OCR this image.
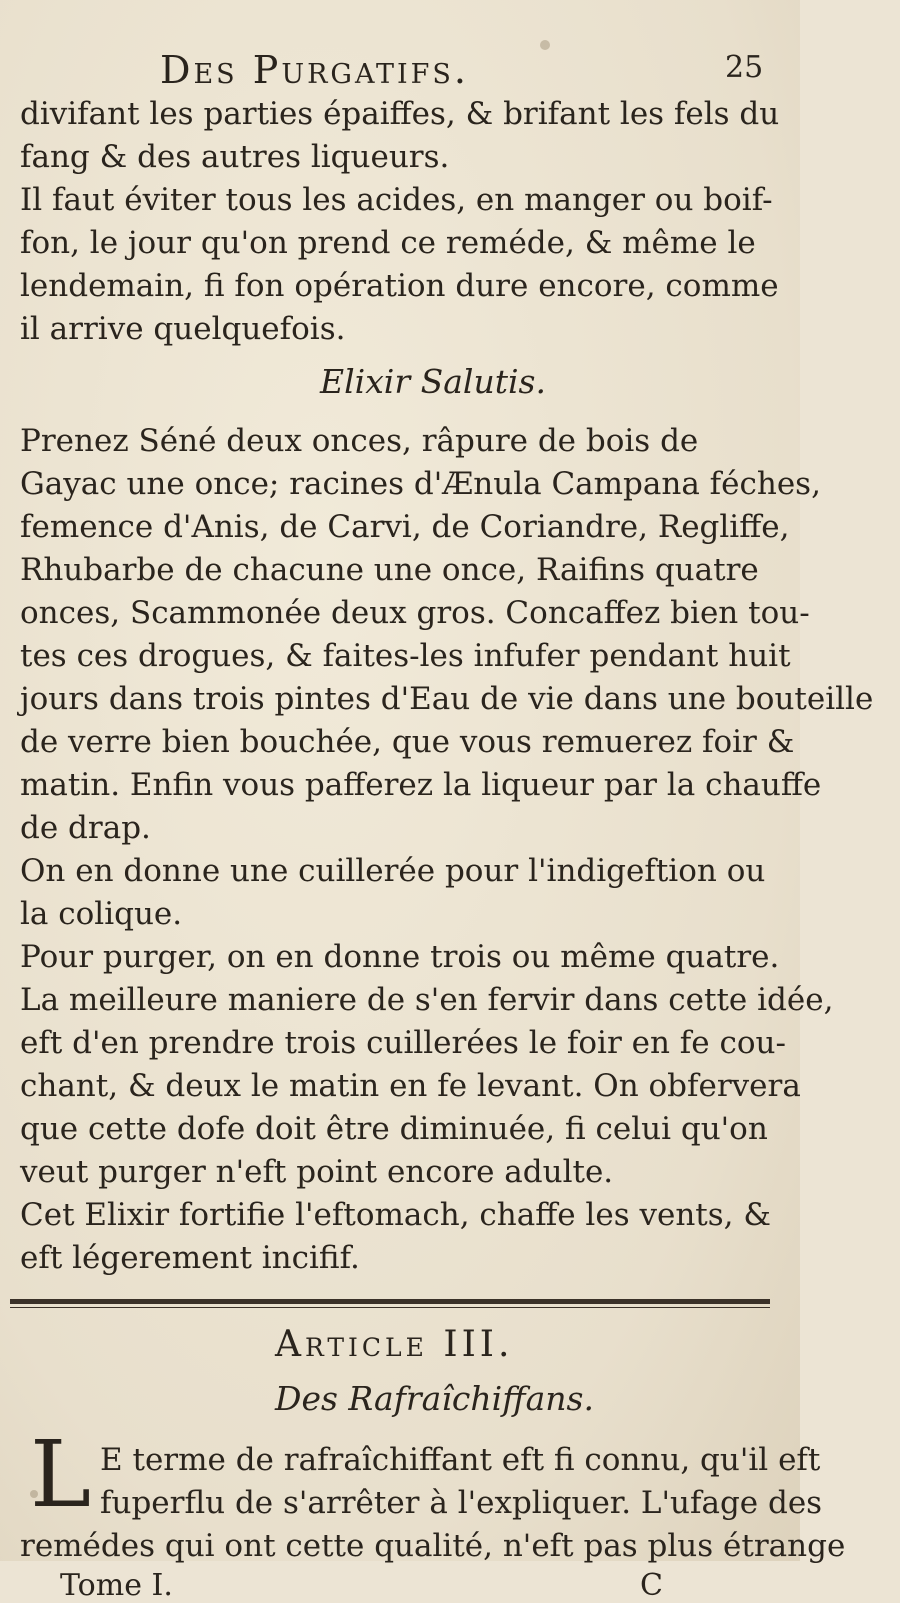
Des Purgatifs.	25
Elixir Salutis.
Article III.
Des Rafraîchiffans.
L E terme de rafraîchiffant eft fi connu, qu'il eft
fuperflu de s'arrêter à l'expliquer. L'ufage des
remédes qui ont cette qualité, n'eft pas plus étrange
Tome I.	C
divifant les parties épaiffes, & brifant les fels du
fang & des autres liqueurs.
Il faut éviter tous les acides, en manger ou boif-
fon, le jour qu'on prend ce reméde, & même le
lendemain, fi fon opération dure encore, comme
il arrive quelquefois.
Prenez Séné deux onces, râpure de bois de
Gayac une once; racines d'Ænula Campana féches,
femence d'Anis, de Carvi, de Coriandre, Regliffe,
Rhubarbe de chacune une once, Raifins quatre
onces, Scammonée deux gros. Concaffez bien tou-
tes ces drogues, & faites-les infufer pendant huit
jours dans trois pintes d'Eau de vie dans une bouteille
de verre bien bouchée, que vous remuerez foir &
matin. Enfin vous pafferez la liqueur par la chauffe
de drap.
On en donne une cuillerée pour l'indigeftion ou
la colique.
Pour purger, on en donne trois ou même quatre.
La meilleure maniere de s'en fervir dans cette idée,
eft d'en prendre trois cuillerées le foir en fe cou-
chant, & deux le matin en fe levant. On obfervera
que cette dofe doit être diminuée, fi celui qu'on
veut purger n'eft point encore adulte.
Cet Elixir fortifie l'eftomach, chaffe les vents, &
eft légerement incifif.
